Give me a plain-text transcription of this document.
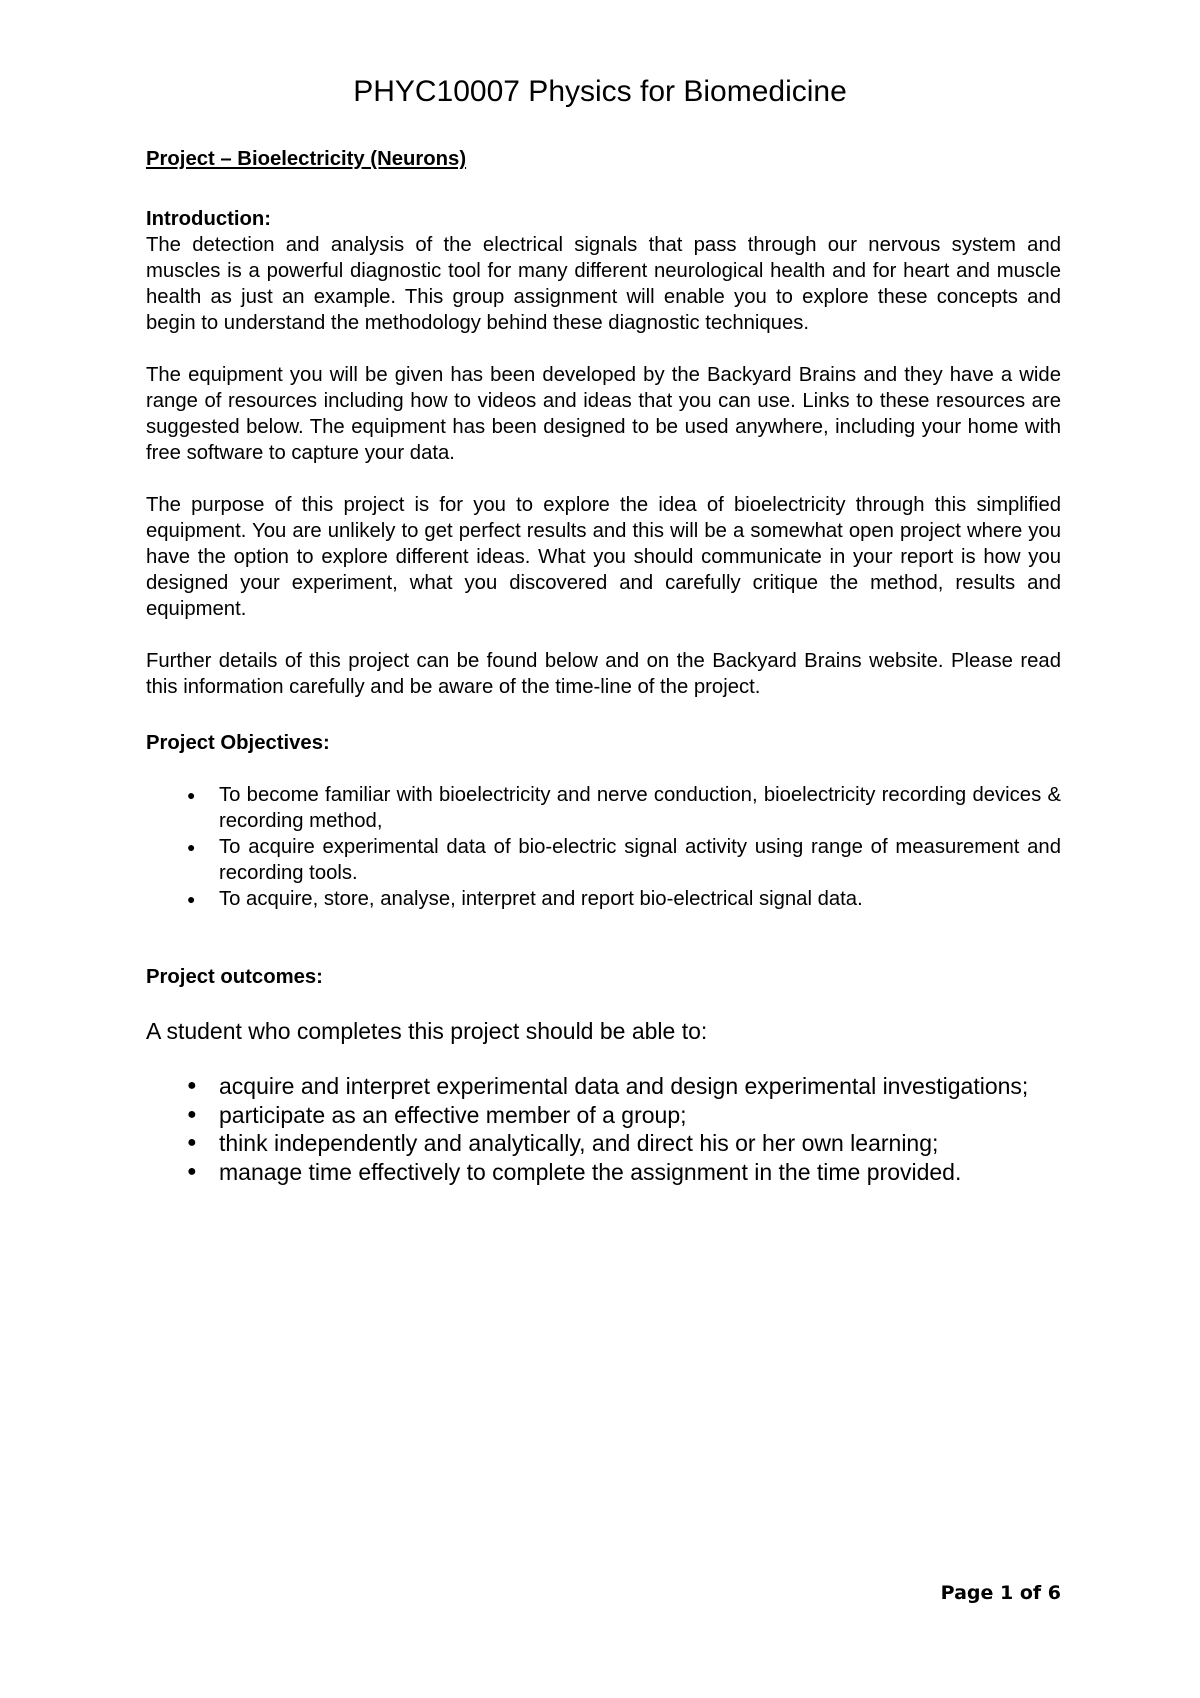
PHYC10007 Physics for Biomedicine

Project – Bioelectricity (Neurons)

Introduction:

The detection and analysis of the electrical signals that pass through our nervous system and muscles is a powerful diagnostic tool for many different neurological health and for heart and muscle health as just an example. This group assignment will enable you to explore these concepts and begin to understand the methodology behind these diagnostic techniques.

The equipment you will be given has been developed by the Backyard Brains and they have a wide range of resources including how to videos and ideas that you can use. Links to these resources are suggested below. The equipment has been designed to be used anywhere, including your home with free software to capture your data.

The purpose of this project is for you to explore the idea of bioelectricity through this simplified equipment. You are unlikely to get perfect results and this will be a somewhat open project where you have the option to explore different ideas. What you should communicate in your report is how you designed your experiment, what you discovered and carefully critique the method, results and equipment.

Further details of this project can be found below and on the Backyard Brains website. Please read this information carefully and be aware of the time-line of the project.

Project Objectives:

● To become familiar with bioelectricity and nerve conduction, bioelectricity recording devices & recording method,
● To acquire experimental data of bio-electric signal activity using range of measurement and recording tools.
● To acquire, store, analyse, interpret and report bio-electrical signal data.

Project outcomes:

A student who completes this project should be able to:

● acquire and interpret experimental data and design experimental investigations;
● participate as an effective member of a group;
● think independently and analytically, and direct his or her own learning;
● manage time effectively to complete the assignment in the time provided.
Page 1 of 6
